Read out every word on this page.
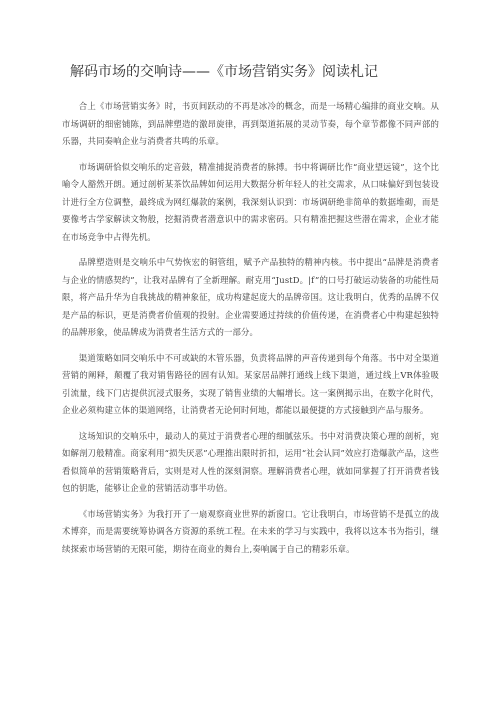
解码市场的交响诗——《市场营销实务》阅读札记

合上《市场营销实务》时，书页间跃动的不再是冰冷的概念，而是一场精心编排的商业交响。从市场调研的细密铺陈，到品牌塑造的激昂旋律，再到渠道拓展的灵动节奏，每个章节都像不同声部的乐器，共同奏响企业与消费者共鸣的乐章。

市场调研恰似交响乐的定音鼓，精准捕捉消费者的脉搏。书中将调研比作“商业望远镜”，这个比喻令人豁然开朗。通过剖析某茶饮品牌如何运用大数据分析年轻人的社交需求，从口味偏好到包装设计进行全方位调整，最终成为网红爆款的案例，我深刻认识到：市场调研绝非简单的数据堆砌，而是要像考古学家解读文物般，挖掘消费者潜意识中的需求密码。只有精准把握这些潜在需求，企业才能在市场竞争中占得先机。

品牌塑造则是交响乐中气势恢宏的铜管组，赋予产品独特的精神内核。书中提出“品牌是消费者与企业的情感契约”，让我对品牌有了全新理解。耐克用“JustD。|f”的口号打破运动装备的功能性局限，将产品升华为自我挑战的精神象征，成功构建起庞大的品牌帝国。这让我明白，优秀的品牌不仅是产品的标识，更是消费者价值观的投射。企业需要通过持续的价值传递，在消费者心中构建起独特的品牌形象，使品牌成为消费者生活方式的一部分。

渠道策略如同交响乐中不可或缺的木管乐器，负责将品牌的声音传递到每个角落。书中对全渠道营销的阐释，颠覆了我对销售路径的固有认知。某家居品牌打通线上线下渠道，通过线上VR体验吸引流量，线下门店提供沉浸式服务，实现了销售业绩的大幅增长。这一案例揭示出，在数字化时代，企业必须构建立体的渠道网络，让消费者无论何时何地，都能以最便捷的方式接触到产品与服务。

这场知识的交响乐中，最动人的莫过于消费者心理的细腻弦乐。书中对消费决策心理的剖析，宛如解剖刀般精准。商家利用“损失厌恶”心理推出限时折扣，运用“社会认同”效应打造爆款产品，这些看似简单的营销策略背后，实则是对人性的深刻洞察。理解消费者心理，就如同掌握了打开消费者钱包的钥匙，能够让企业的营销活动事半功倍。

《市场营销实务》为我打开了一扇观察商业世界的新窗口。它让我明白，市场营销不是孤立的战术博弈，而是需要统筹协调各方资源的系统工程。在未来的学习与实践中，我将以这本书为指引，继续探索市场营销的无限可能，期待在商业的舞台上,奏响属于自己的精彩乐章。
